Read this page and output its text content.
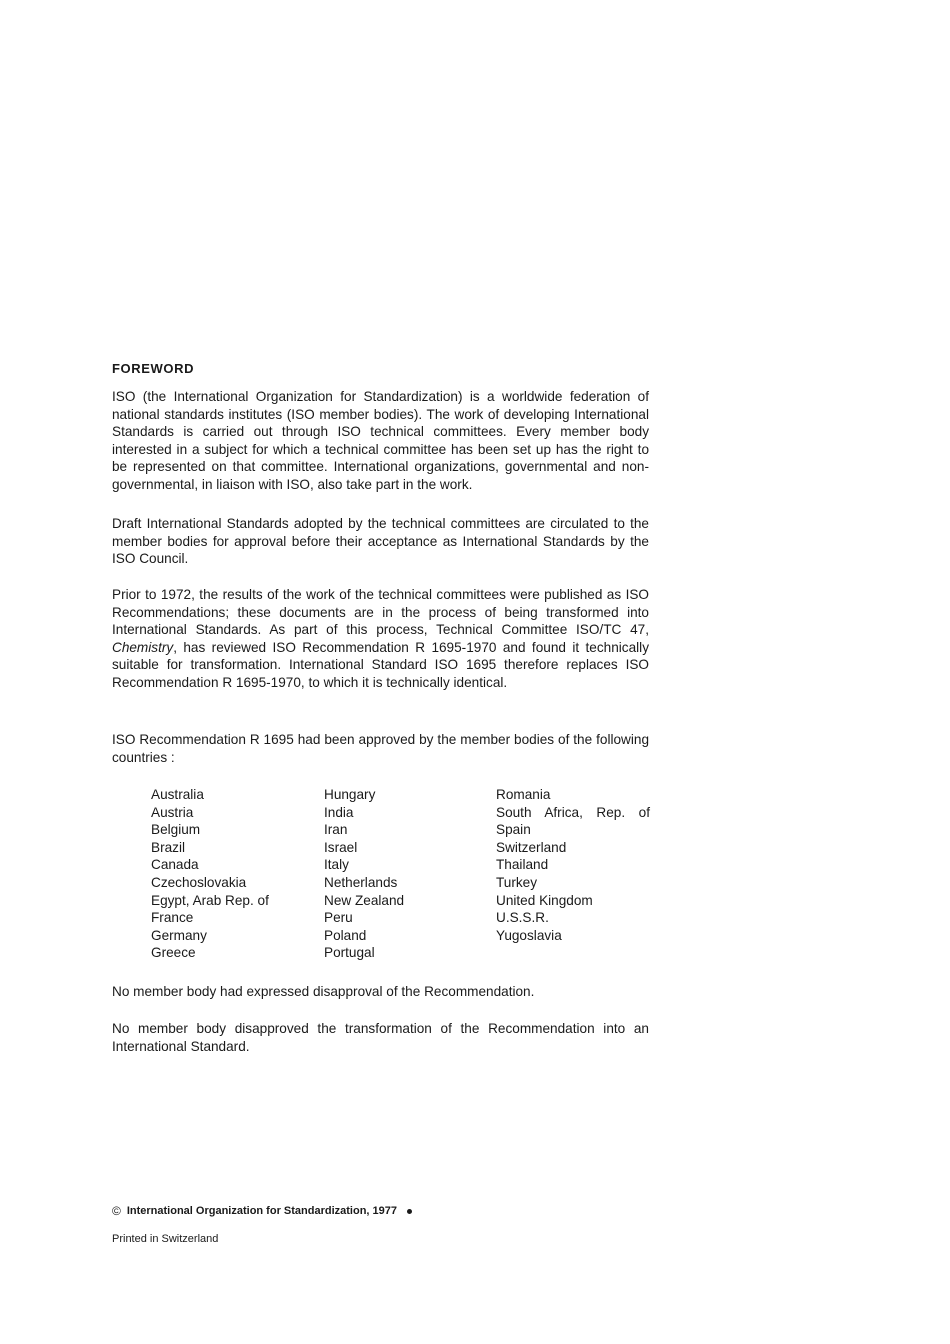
FOREWORD

ISO (the International Organization for Standardization) is a worldwide federation of national standards institutes (ISO member bodies). The work of developing International Standards is carried out through ISO technical committees. Every member body interested in a subject for which a technical committee has been set up has the right to be represented on that committee. International organizations, governmental and non-governmental, in liaison with ISO, also take part in the work.

Draft International Standards adopted by the technical committees are circulated to the member bodies for approval before their acceptance as International Standards by the ISO Council.

Prior to 1972, the results of the work of the technical committees were published as ISO Recommendations; these documents are in the process of being transformed into International Standards. As part of this process, Technical Committee ISO/TC 47, Chemistry, has reviewed ISO Recommendation R 1695-1970 and found it technically suitable for transformation. International Standard ISO 1695 therefore replaces ISO Recommendation R 1695-1970, to which it is technically identical.

ISO Recommendation R 1695 had been approved by the member bodies of the following countries :

Australia
Austria
Belgium
Brazil
Canada
Czechoslovakia
Egypt, Arab Rep. of
France
Germany
Greece
Hungary
India
Iran
Israel
Italy
Netherlands
New Zealand
Peru
Poland
Portugal
Romania
South Africa, Rep. of
Spain
Switzerland
Thailand
Turkey
United Kingdom
U.S.S.R.
Yugoslavia

No member body had expressed disapproval of the Recommendation.

No member body disapproved the transformation of the Recommendation into an International Standard.

© International Organization for Standardization, 1977
Printed in Switzerland
